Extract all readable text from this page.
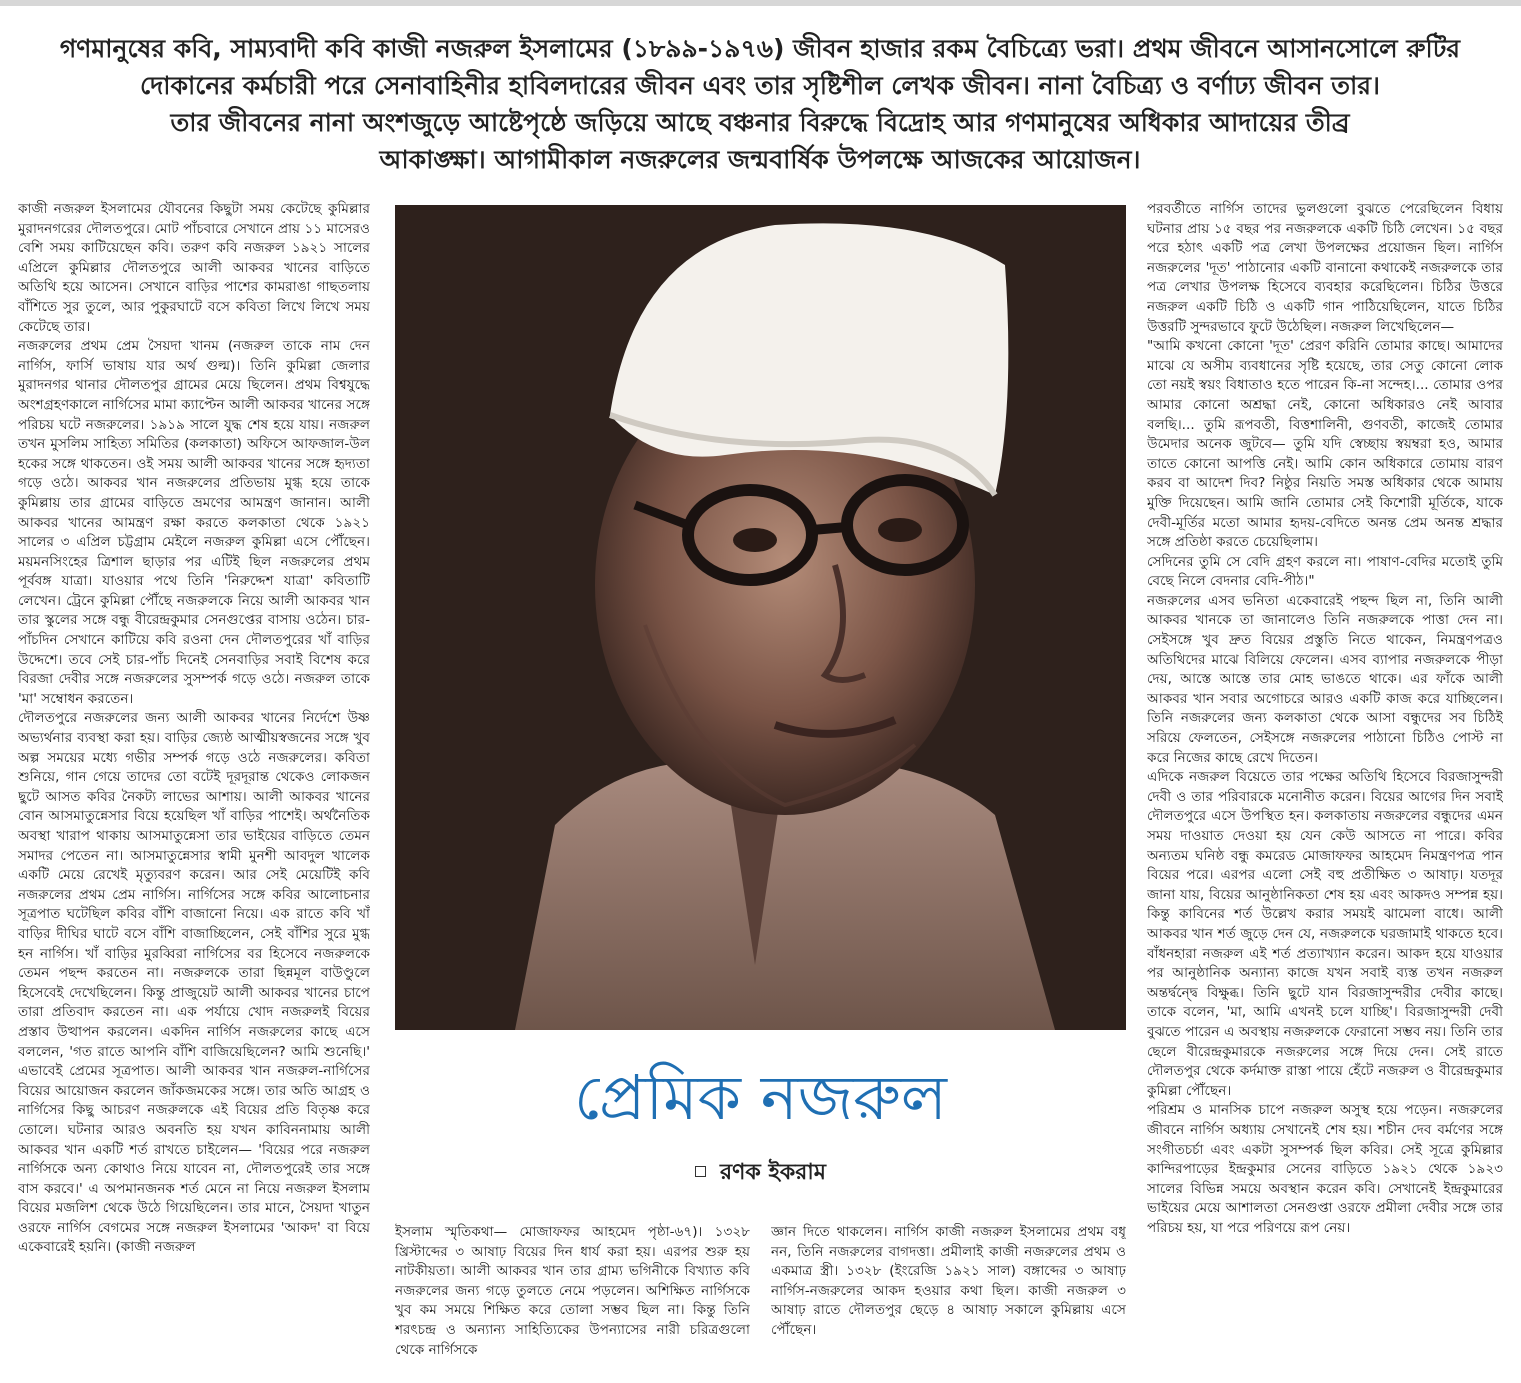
গণমানুষের কবি, সাম্যবাদী কবি কাজী নজরুল ইসলামের (১৮৯৯-১৯৭৬) জীবন হাজার রকম বৈচিত্র্যে ভরা। প্রথম জীবনে আসানসোলে রুটির
দোকানের কর্মচারী পরে সেনাবাহিনীর হাবিলদারের জীবন এবং তার সৃষ্টিশীল লেখক জীবন। নানা বৈচিত্র্য ও বর্ণাঢ্য জীবন তার।
তার জীবনের নানা অংশজুড়ে আষ্টেপৃষ্ঠে জড়িয়ে আছে বঞ্চনার বিরুদ্ধে বিদ্রোহ আর গণমানুষের অধিকার আদায়ের তীব্র
আকাঙ্ক্ষা। আগামীকাল নজরুলের জন্মবার্ষিক উপলক্ষে আজকের আয়োজন।

কাজী নজরুল ইসলামের যৌবনের কিছুটা সময় কেটেছে কুমিল্লার মুরাদনগরের দৌলতপুরে। মোট পাঁচবারে সেখানে প্রায় ১১ মাসেরও বেশি সময় কাটিয়েছেন কবি। তরুণ কবি নজরুল ১৯২১ সালের এপ্রিলে কুমিল্লার দৌলতপুরে আলী আকবর খানের বাড়িতে অতিথি হয়ে আসেন। সেখানে বাড়ির পাশের কামরাঙা গাছতলায় বাঁশিতে সুর তুলে, আর পুকুরঘাটে বসে কবিতা লিখে লিখে সময় কেটেছে তার।

নজরুলের প্রথম প্রেম সৈয়দা খানম (নজরুল তাকে নাম দেন নার্গিস, ফার্সি ভাষায় যার অর্থ গুল্ম)। তিনি কুমিল্লা জেলার মুরাদনগর থানার দৌলতপুর গ্রামের মেয়ে ছিলেন। প্রথম বিশ্বযুদ্ধে অংশগ্রহণকালে নার্গিসের মামা ক্যাপ্টেন আলী আকবর খানের সঙ্গে পরিচয় ঘটে নজরুলের। ১৯১৯ সালে যুদ্ধ শেষ হয়ে যায়। নজরুল তখন মুসলিম সাহিত্য সমিতির (কলকাতা) অফিসে আফজাল-উল হকের সঙ্গে থাকতেন। ওই সময় আলী আকবর খানের সঙ্গে হৃদ্যতা গড়ে ওঠে। আকবর খান নজরুলের প্রতিভায় মুগ্ধ হয়ে তাকে কুমিল্লায় তার গ্রামের বাড়িতে ভ্রমণের আমন্ত্রণ জানান। আলী আকবর খানের আমন্ত্রণ রক্ষা করতে কলকাতা থেকে ১৯২১ সালের ৩ এপ্রিল চট্টগ্রাম মেইলে নজরুল কুমিল্লা এসে পৌঁছেন। ময়মনসিংহের ত্রিশাল ছাড়ার পর এটিই ছিল নজরুলের প্রথম পূর্ববঙ্গ যাত্রা। যাওয়ার পথে তিনি 'নিরুদ্দেশ যাত্রা' কবিতাটি লেখেন। ট্রেনে কুমিল্লা পৌঁছে নজরুলকে নিয়ে আলী আকবর খান তার স্কুলের সঙ্গে বন্ধু বীরেন্দ্রকুমার সেনগুপ্তের বাসায় ওঠেন। চার-পাঁচদিন সেখানে কাটিয়ে কবি রওনা দেন দৌলতপুরের খাঁ বাড়ির উদ্দেশে। তবে সেই চার-পাঁচ দিনেই সেনবাড়ির সবাই বিশেষ করে বিরজা দেবীর সঙ্গে নজরুলের সুসম্পর্ক গড়ে ওঠে। নজরুল তাকে 'মা' সম্বোধন করতেন।

দৌলতপুরে নজরুলের জন্য আলী আকবর খানের নির্দেশে উষ্ণ অভ্যর্থনার ব্যবস্থা করা হয়। বাড়ির জ্যেষ্ঠ আত্মীয়স্বজনের সঙ্গে খুব অল্প সময়ের মধ্যে গভীর সম্পর্ক গড়ে ওঠে নজরুলের। কবিতা শুনিয়ে, গান গেয়ে তাদের তো বটেই দূরদূরান্ত থেকেও লোকজন ছুটে আসত কবির নৈকট্য লাভের আশায়। আলী আকবর খানের বোন আসমাতুন্নেসার বিয়ে হয়েছিল খাঁ বাড়ির পাশেই। অর্থনৈতিক অবস্থা খারাপ থাকায় আসমাতুন্নেসা তার ভাইয়ের বাড়িতে তেমন সমাদর পেতেন না। আসমাতুন্নেসার স্বামী মুনশী আবদুল খালেক একটি মেয়ে রেখেই মৃত্যুবরণ করেন। আর সেই মেয়েটিই কবি নজরুলের প্রথম প্রেম নার্গিস। নার্গিসের সঙ্গে কবির আলোচনার সূত্রপাত ঘটেছিল কবির বাঁশি বাজানো নিয়ে। এক রাতে কবি খাঁ বাড়ির দীঘির ঘাটে বসে বাঁশি বাজাচ্ছিলেন, সেই বাঁশির সুরে মুগ্ধ হন নার্গিস। খাঁ বাড়ির মুরব্বিরা নার্গিসের বর হিসেবে নজরুলকে তেমন পছন্দ করতেন না। নজরুলকে তারা ছিন্নমূল বাউণ্ডুলে হিসেবেই দেখেছিলেন। কিন্তু প্রাজুয়েট আলী আকবর খানের চাপে তারা প্রতিবাদ করতেন না। এক পর্যায়ে খোদ নজরুলই বিয়ের প্রস্তাব উত্থাপন করলেন। একদিন নার্গিস নজরুলের কাছে এসে বললেন, 'গত রাতে আপনি বাঁশি বাজিয়েছিলেন? আমি শুনেছি।' এভাবেই প্রেমের সূত্রপাত। আলী আকবর খান নজরুল-নার্গিসের বিয়ের আয়োজন করলেন জাঁকজমকের সঙ্গে। তার অতি আগ্রহ ও নার্গিসের কিছু আচরণ নজরুলকে এই বিয়ের প্রতি বিতৃষ্ণ করে তোলে। ঘটনার আরও অবনতি হয় যখন কাবিননামায় আলী আকবর খান একটি শর্ত রাখতে চাইলেন— 'বিয়ের পরে নজরুল নার্গিসকে অন্য কোথাও নিয়ে যাবেন না, দৌলতপুরেই তার সঙ্গে বাস করবে।' এ অপমানজনক শর্ত মেনে না নিয়ে নজরুল ইসলাম বিয়ের মজলিশ থেকে উঠে গিয়েছিলেন। তার মানে, সৈয়দা খাতুন ওরফে নার্গিস বেগমের সঙ্গে নজরুল ইসলামের 'আকদ' বা বিয়ে একেবারেই হয়নি। (কাজী নজরুল

প্রেমিক নজরুল
রণক ইকরাম

ইসলাম স্মৃতিকথা— মোজাফফর আহমেদ পৃষ্ঠা-৬৭)। ১৩২৮ খ্রিস্টাব্দের ৩ আষাঢ় বিয়ের দিন ধার্য করা হয়। এরপর শুরু হয় নাটকীয়তা। আলী আকবর খান তার গ্রাম্য ভগিনীকে বিখ্যাত কবি নজরুলের জন্য গড়ে তুলতে নেমে পড়লেন। অশিক্ষিত নার্গিসকে খুব কম সময়ে শিক্ষিত করে তোলা সম্ভব ছিল না। কিন্তু তিনি শরৎচন্দ্র ও অন্যান্য সাহিত্যিকের উপন্যাসের নারী চরিত্রগুলো থেকে নার্গিসকে

জ্ঞান দিতে থাকলেন। নার্গিস কাজী নজরুল ইসলামের প্রথম বধূ নন, তিনি নজরুলের বাগদত্তা। প্রমীলাই কাজী নজরুলের প্রথম ও একমাত্র স্ত্রী। ১৩২৮ (ইংরেজি ১৯২১ সাল) বঙ্গাব্দের ৩ আষাঢ় নার্গিস-নজরুলের আকদ হওয়ার কথা ছিল। কাজী নজরুল ৩ আষাঢ় রাতে দৌলতপুর ছেড়ে ৪ আষাঢ় সকালে কুমিল্লায় এসে পৌঁছেন।

পরবর্তীতে নার্গিস তাদের ভুলগুলো বুঝতে পেরেছিলেন বিধায় ঘটনার প্রায় ১৫ বছর পর নজরুলকে একটি চিঠি লেখেন। ১৫ বছর পরে হঠাৎ একটি পত্র লেখা উপলক্ষের প্রয়োজন ছিল। নার্গিস নজরুলের 'দূত' পাঠানোর একটি বানানো কথাকেই নজরুলকে তার পত্র লেখার উপলক্ষ হিসেবে ব্যবহার করেছিলেন। চিঠির উত্তরে নজরুল একটি চিঠি ও একটি গান পাঠিয়েছিলেন, যাতে চিঠির উত্তরটি সুন্দরভাবে ফুটে উঠেছিল। নজরুল লিখেছিলেন—

"আমি কখনো কোনো 'দূত' প্রেরণ করিনি তোমার কাছে। আমাদের মাঝে যে অসীম ব্যবধানের সৃষ্টি হয়েছে, তার সেতু কোনো লোক তো নয়ই স্বয়ং বিধাতাও হতে পারেন কি-না সন্দেহ।... তোমার ওপর আমার কোনো অশ্রদ্ধা নেই, কোনো অধিকারও নেই আবার বলছি।... তুমি রূপবতী, বিত্তশালিনী, গুণবতী, কাজেই তোমার উমেদার অনেক জুটবে— তুমি যদি স্বেচ্ছায় স্বয়ম্বরা হও, আমার তাতে কোনো আপত্তি নেই। আমি কোন অধিকারে তোমায় বারণ করব বা আদেশ দিব? নিষ্ঠুর নিয়তি সমস্ত অধিকার থেকে আমায় মুক্তি দিয়েছেন। আমি জানি তোমার সেই কিশোরী মূর্তিকে, যাকে দেবী-মূর্তির মতো আমার হৃদয়-বেদিতে অনন্ত প্রেম অনন্ত শ্রদ্ধার সঙ্গে প্রতিষ্ঠা করতে চেয়েছিলাম।

সেদিনের তুমি সে বেদি গ্রহণ করলে না। পাষাণ-বেদির মতোই তুমি বেছে নিলে বেদনার বেদি-পীঠ।"

নজরুলের এসব ভনিতা একেবারেই পছন্দ ছিল না, তিনি আলী আকবর খানকে তা জানালেও তিনি নজরুলকে পাত্তা দেন না। সেইসঙ্গে খুব দ্রুত বিয়ের প্রস্তুতি নিতে থাকেন, নিমন্ত্রণপত্রও অতিথিদের মাঝে বিলিয়ে ফেলেন। এসব ব্যাপার নজরুলকে পীড়া দেয়, আস্তে আস্তে তার মোহ ভাঙতে থাকে। এর ফাঁকে আলী আকবর খান সবার অগোচরে আরও একটি কাজ করে যাচ্ছিলেন। তিনি নজরুলের জন্য কলকাতা থেকে আসা বন্ধুদের সব চিঠিই সরিয়ে ফেলতেন, সেইসঙ্গে নজরুলের পাঠানো চিঠিও পোস্ট না করে নিজের কাছে রেখে দিতেন।

এদিকে নজরুল বিয়েতে তার পক্ষের অতিথি হিসেবে বিরজাসুন্দরী দেবী ও তার পরিবারকে মনোনীত করেন। বিয়ের আগের দিন সবাই দৌলতপুরে এসে উপস্থিত হন। কলকাতায় নজরুলের বন্ধুদের এমন সময় দাওয়াত দেওয়া হয় যেন কেউ আসতে না পারে। কবির অন্যতম ঘনিষ্ঠ বন্ধু কমরেড মোজাফফর আহমেদ নিমন্ত্রণপত্র পান বিয়ের পরে। এরপর এলো সেই বহু প্রতীক্ষিত ৩ আষাঢ়। যতদূর জানা যায়, বিয়ের আনুষ্ঠানিকতা শেষ হয় এবং আকদও সম্পন্ন হয়। কিন্তু কাবিনের শর্ত উল্লেখ করার সময়ই ঝামেলা বাধে। আলী আকবর খান শর্ত জুড়ে দেন যে, নজরুলকে ঘরজামাই থাকতে হবে। বাঁধনহারা নজরুল এই শর্ত প্রত্যাখ্যান করেন। আকদ হয়ে যাওয়ার পর আনুষ্ঠানিক অন্যান্য কাজে যখন সবাই ব্যস্ত তখন নজরুল অন্তর্দ্বন্দ্বে বিক্ষুব্ধ। তিনি ছুটে যান বিরজাসুন্দরীর দেবীর কাছে। তাকে বলেন, 'মা, আমি এখনই চলে যাচ্ছি'। বিরজাসুন্দরী দেবী বুঝতে পারেন এ অবস্থায় নজরুলকে ফেরানো সম্ভব নয়। তিনি তার ছেলে বীরেন্দ্রকুমারকে নজরুলের সঙ্গে দিয়ে দেন। সেই রাতে দৌলতপুর থেকে কর্দমাক্ত রাস্তা পায়ে হেঁটে নজরুল ও বীরেন্দ্রকুমার কুমিল্লা পৌঁছেন।

পরিশ্রম ও মানসিক চাপে নজরুল অসুস্থ হয়ে পড়েন। নজরুলের জীবনে নার্গিস অধ্যায় সেখানেই শেষ হয়। শচীন দেব বর্মণের সঙ্গে সংগীতচর্চা এবং একটা সুসম্পর্ক ছিল কবির। সেই সূত্রে কুমিল্লার কান্দিরপাড়ের ইন্দ্রকুমার সেনের বাড়িতে ১৯২১ থেকে ১৯২৩ সালের বিভিন্ন সময়ে অবস্থান করেন কবি। সেখানেই ইন্দ্রকুমারের ভাইয়ের মেয়ে আশালতা সেনগুপ্তা ওরফে প্রমীলা দেবীর সঙ্গে তার পরিচয় হয়, যা পরে পরিণয়ে রূপ নেয়।
